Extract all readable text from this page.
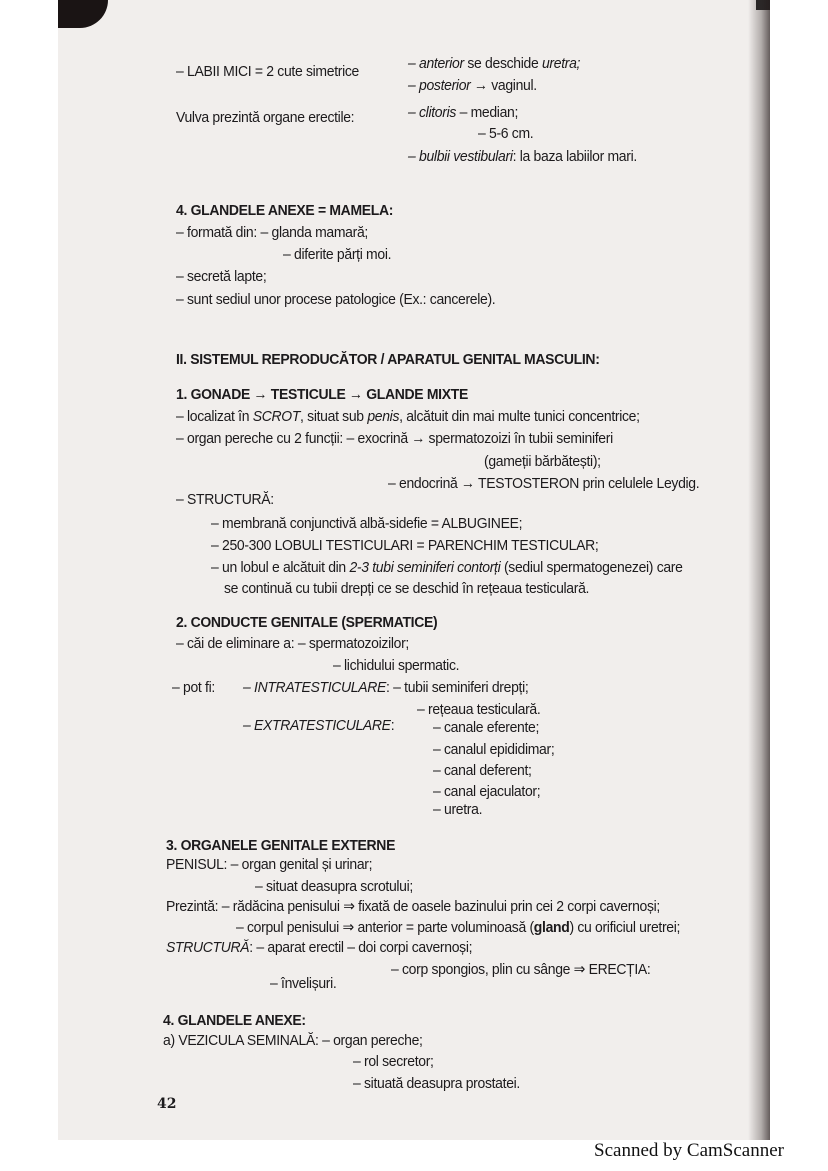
– LABII MICI = 2 cute simetrice	– anterior se deschide uretra;
– posterior → vaginul.
Vulva prezintă organe erectile:	– clitoris – median;
– 5-6 cm.
– bulbii vestibulari: la baza labiilor mari.
4. GLANDELE ANEXE = MAMELA:
– formată din: – glanda mamară;
– diferite părți moi.
– secretă lapte;
– sunt sediul unor procese patologice (Ex.: cancerele).
II. SISTEMUL REPRODUCĂTOR / APARATUL GENITAL MASCULIN:
1. GONADE → TESTICULE → GLANDE MIXTE
– localizat în SCROT, situat sub penis, alcătuit din mai multe tunici concentrice;
– organ pereche cu 2 funcții: – exocrină → spermatozoizi în tubii seminiferi
(gameții bărbătești);
– endocrină → TESTOSTERON prin celulele Leydig.
– STRUCTURĂ:
– membrană conjunctivă albă-sidefie = ALBUGINEE;
– 250-300 LOBULI TESTICULARI = PARENCHIM TESTICULAR;
– un lobul e alcătuit din 2-3 tubi seminiferi contorți (sediul spermatogenezei) care
se continuă cu tubii drepți ce se deschid în rețeaua testiculară.
2. CONDUCTE GENITALE (SPERMATICE)
– căi de eliminare a: – spermatozoizilor;
– lichidului spermatic.
– pot fi: – INTRATESTICULARE: – tubii seminiferi drepți;
– rețeaua testiculară.
– EXTRATESTICULARE:	– canale eferente;
– canalul epididimar;
– canal deferent;
– canal ejaculator;
– uretra.
3. ORGANELE GENITALE EXTERNE
PENISUL: – organ genital și urinar;
– situat deasupra scrotului;
Prezintă: – rădăcina penisului ⇒ fixată de oasele bazinului prin cei 2 corpi cavernoși;
– corpul penisului ⇒ anterior = parte voluminoasă (gland) cu orificiul uretrei;
STRUCTURĂ: – aparat erectil – doi corpi cavernoși;
– corp spongios, plin cu sânge ⇒ ERECȚIA:
– învelișuri.
4. GLANDELE ANEXE:
a) VEZICULA SEMINALĂ: – organ pereche;
– rol secretor;
– situată deasupra prostatei.
42
Scanned by CamScanner
